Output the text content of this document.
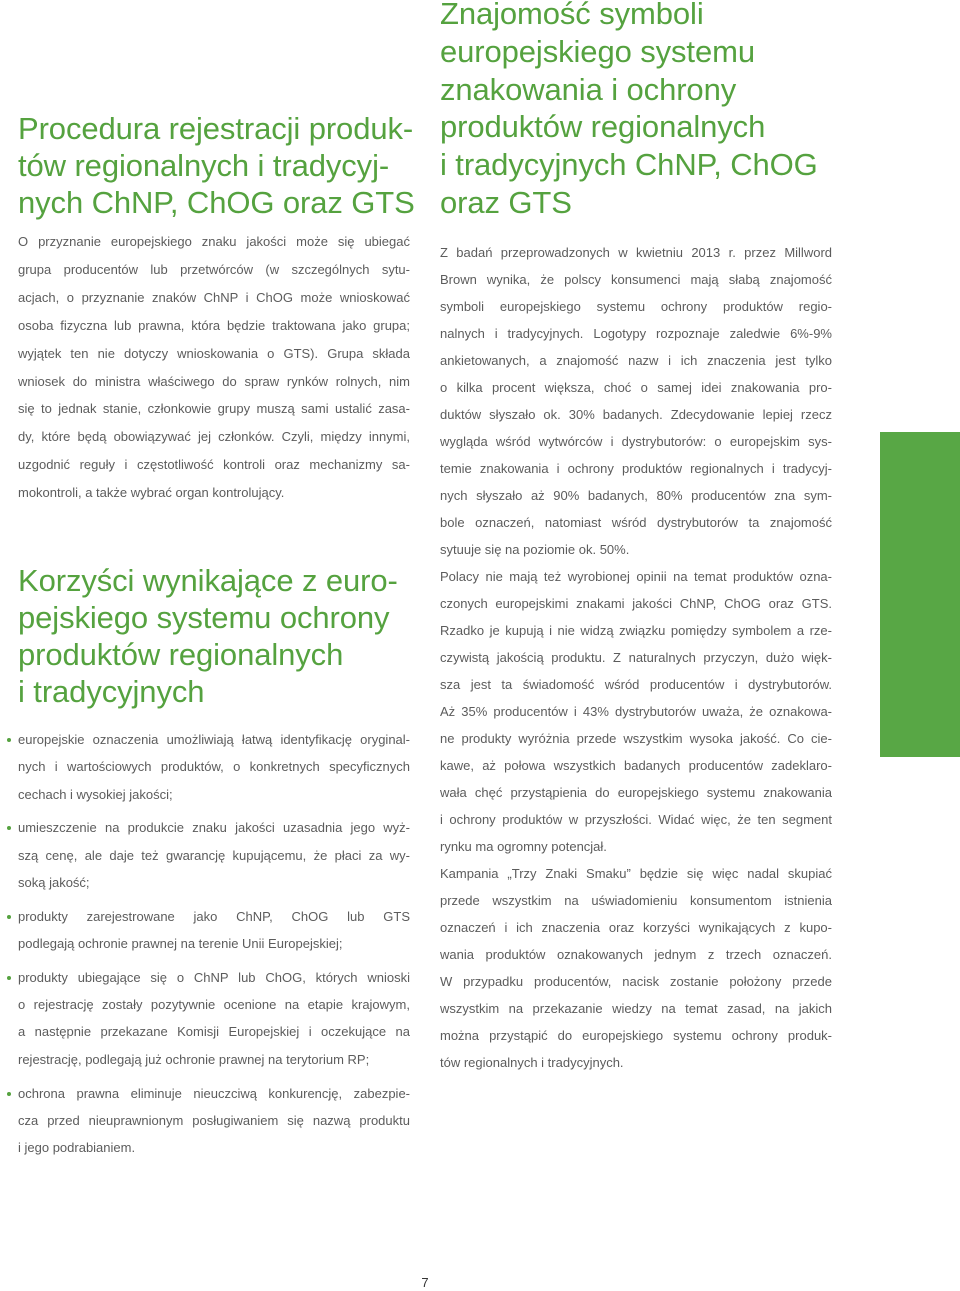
Procedura rejestracji produk-
tów regionalnych i tradycyj-
nych ChNP, ChOG oraz GTS
O przyznanie europejskiego znaku jakości może się ubiegać
grupa producentów lub przetwórców (w szczególnych sytu-
acjach, o przyznanie znaków ChNP i ChOG może wnioskować
osoba fizyczna lub prawna, która będzie traktowana jako grupa;
wyjątek ten nie dotyczy wnioskowania o GTS). Grupa składa
wniosek do ministra właściwego do spraw rynków rolnych, nim
się to jednak stanie, członkowie grupy muszą sami ustalić zasa-
dy, które będą obowiązywać jej członków. Czyli, między innymi,
uzgodnić reguły i częstotliwość kontroli oraz mechanizmy sa-
mokontroli, a także wybrać organ kontrolujący.
Korzyści wynikające z euro-
pejskiego systemu ochrony
produktów regionalnych
i tradycyjnych
europejskie oznaczenia umożliwiają łatwą identyfikację oryginal-
nych i wartościowych produktów, o konkretnych specyficznych
cechach i wysokiej jakości;
umieszczenie na produkcie znaku jakości uzasadnia jego wyż-
szą cenę, ale daje też gwarancję kupującemu, że płaci za wy-
soką jakość;
produkty zarejestrowane jako ChNP, ChOG lub GTS
podlegają ochronie prawnej na terenie Unii Europejskiej;
produkty ubiegające się o ChNP lub ChOG, których wnioski
o rejestrację zostały pozytywnie ocenione na etapie krajowym,
a następnie przekazane Komisji Europejskiej i oczekujące na
rejestrację, podlegają już ochronie prawnej na terytorium RP;
ochrona prawna eliminuje nieuczciwą konkurencję, zabezpie-
cza przed nieuprawnionym posługiwaniem się nazwą produktu
i jego podrabianiem.
Znajomość symboli
europejskiego systemu
znakowania i ochrony
produktów regionalnych
i tradycyjnych ChNP, ChOG
oraz GTS
Z badań przeprowadzonych w kwietniu 2013 r. przez Millword
Brown wynika, że polscy konsumenci mają słabą znajomość
symboli europejskiego systemu ochrony produktów regio-
nalnych i tradycyjnych. Logotypy rozpoznaje zaledwie 6%-9%
ankietowanych, a znajomość nazw i ich znaczenia jest tylko
o kilka procent większa, choć o samej idei znakowania pro-
duktów słyszało ok. 30% badanych. Zdecydowanie lepiej rzecz
wygląda wśród wytwórców i dystrybutorów: o europejskim sys-
temie znakowania i ochrony produktów regionalnych i tradycyj-
nych słyszało aż 90% badanych, 80% producentów zna sym-
bole oznaczeń, natomiast wśród dystrybutorów ta znajomość
sytuuje się na poziomie ok. 50%.
Polacy nie mają też wyrobionej opinii na temat produktów ozna-
czonych europejskimi znakami jakości ChNP, ChOG oraz GTS.
Rzadko je kupują i nie widzą związku pomiędzy symbolem a rze-
czywistą jakością produktu. Z naturalnych przyczyn, dużo więk-
sza jest ta świadomość wśród producentów i dystrybutorów.
Aż 35% producentów i 43% dystrybutorów uważa, że oznakowa-
ne produkty wyróżnia przede wszystkim wysoka jakość. Co cie-
kawe, aż połowa wszystkich badanych producentów zadeklaro-
wała chęć przystąpienia do europejskiego systemu znakowania
i ochrony produktów w przyszłości. Widać więc, że ten segment
rynku ma ogromny potencjał.
Kampania „Trzy Znaki Smaku” będzie się więc nadal skupiać
przede wszystkim na uświadomieniu konsumentom istnienia
oznaczeń i ich znaczenia oraz korzyści wynikających z kupo-
wania produktów oznakowanych jednym z trzech oznaczeń.
W przypadku producentów, nacisk zostanie położony przede
wszystkim na przekazanie wiedzy na temat zasad, na jakich
można przystąpić do europejskiego systemu ochrony produk-
tów regionalnych i tradycyjnych.
7
